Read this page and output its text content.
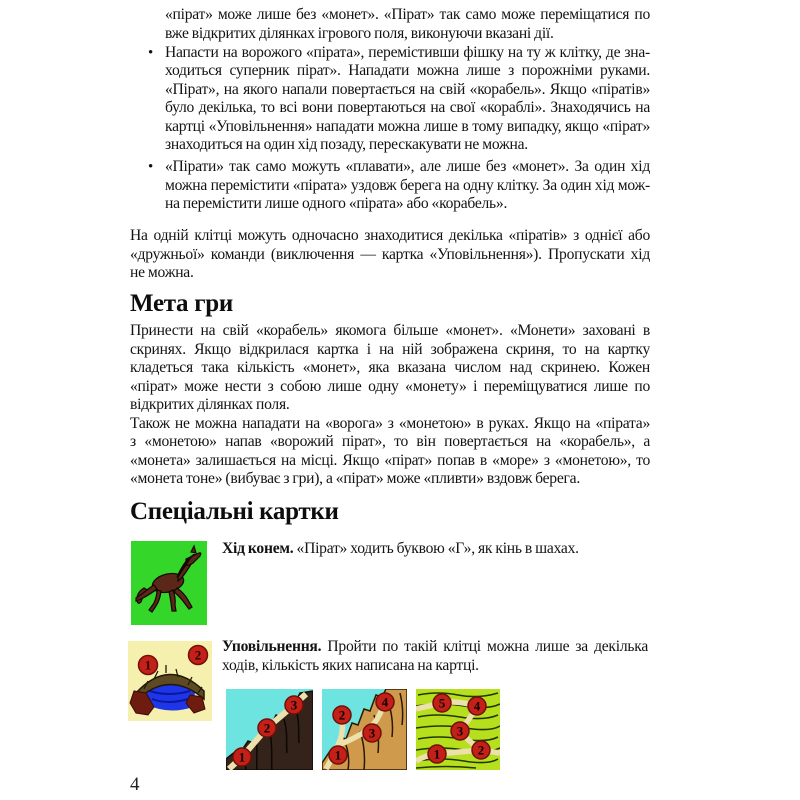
«пірат» може лише без «монет». «Пірат» так само може переміщатися по
вже відкритих ділянках ігрового поля, виконуючи вказані дії.
• Напасти на ворожого «пірата», перемістивши фішку на ту ж клітку, де зна-
ходиться суперник пірат». Нападати можна лише з порожніми руками.
«Пірат», на якого напали повертається на свій «корабель». Якщо «піратів»
було декілька, то всі вони повертаються на свої «кораблі». Знаходячись на
картці «Уповільнення» нападати можна лише в тому випадку, якщо «пірат»
знаходиться на один хід позаду, перескакувати не можна.
• «Пірати» так само можуть «плавати», але лише без «монет». За один хід
можна перемістити «пірата» уздовж берега на одну клітку. За один хід мож-
на перемістити лише одного «пірата» або «корабель».
На одній клітці можуть одночасно знаходитися декілька «піратів» з однієї або
«дружньої» команди (виключення — картка «Уповільнення»). Пропускати хід
не можна.
Мета гри
Принести на свій «корабель» якомога більше «монет». «Монети» заховані в
скринях. Якщо відкрилася картка і на ній зображена скриня, то на картку
кладеться така кількість «монет», яка вказана числом над скринею. Кожен
«пірат» може нести з собою лише одну «монету» і переміщуватися лише по
відкритих ділянках поля.
Також не можна нападати на «ворога» з «монетою» в руках. Якщо на «пірата»
з «монетою» напав «ворожий пірат», то він повертається на «корабель», а
«монета» залишається на місці. Якщо «пірат» попав в «море» з «монетою», то
«монета тоне» (вибуває з гри), а «пірат» може «пливти» вздовж берега.
Спеціальні картки
Хід конем. «Пірат» ходить буквою «Г», як кінь в шахах.
1
2 Уповільнення. Пройти по такій клітці можна лише за декілька
ходів, кількість яких написана на картці.
1
2
3
1
2
3
4
1	2
3
4
5
4
